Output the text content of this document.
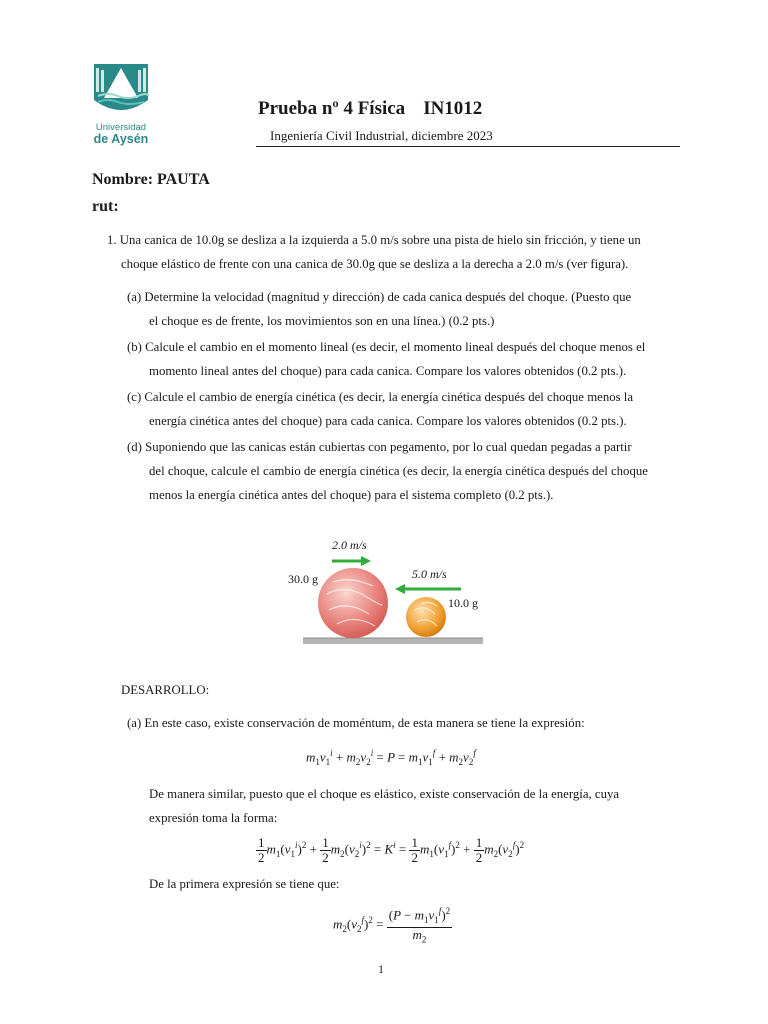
Universidad
de Aysén
Prueba nº 4 Física IN1012
Ingeniería Civil Industrial, diciembre 2023
Nombre: PAUTA
rut:
1. Una canica de 10.0g se desliza a la izquierda a 5.0 m/s sobre una pista de hielo sin fricción, y tiene un
choque elástico de frente con una canica de 30.0g que se desliza a la derecha a 2.0 m/s (ver figura).
(a) Determine la velocidad (magnitud y dirección) de cada canica después del choque. (Puesto que
el choque es de frente, los movimientos son en una línea.) (0.2 pts.)
(b) Calcule el cambio en el momento lineal (es decir, el momento lineal después del choque menos el
momento lineal antes del choque) para cada canica. Compare los valores obtenidos (0.2 pts.).
(c) Calcule el cambio de energía cinética (es decir, la energía cinética después del choque menos la
energía cinética antes del choque) para cada canica. Compare los valores obtenidos (0.2 pts.).
(d) Suponiendo que las canicas están cubiertas con pegamento, por lo cual quedan pegadas a partir
del choque, calcule el cambio de energía cinética (es decir, la energía cinética después del choque
menos la energía cinética antes del choque) para el sistema completo (0.2 pts.).
2.0 m/s
5.0 m/s
30.0 g
10.0 g
DESARROLLO:
(a) En este caso, existe conservación de moméntum, de esta manera se tiene la expresión:
$m_1v_1^i + m_2v_2^i = P = m_1v_1^f + m_2v_2^f$
De manera similar, puesto que el choque es elástico, existe conservación de la energía, cuya
expresión toma la forma:
$\frac{1}{2} m_1(v_1^i)^2 + \frac{1}{2} m_2(v_2^i)^2 = K^i = \frac{1}{2} m_1(v_1^f)^2 + \frac{1}{2} m_2(v_2^f)^2$
De la primera expresión se tiene que:
$m_2(v_2^f)^2 = \frac{(P - m_1v_1^f)^2}{m_2}$
1
